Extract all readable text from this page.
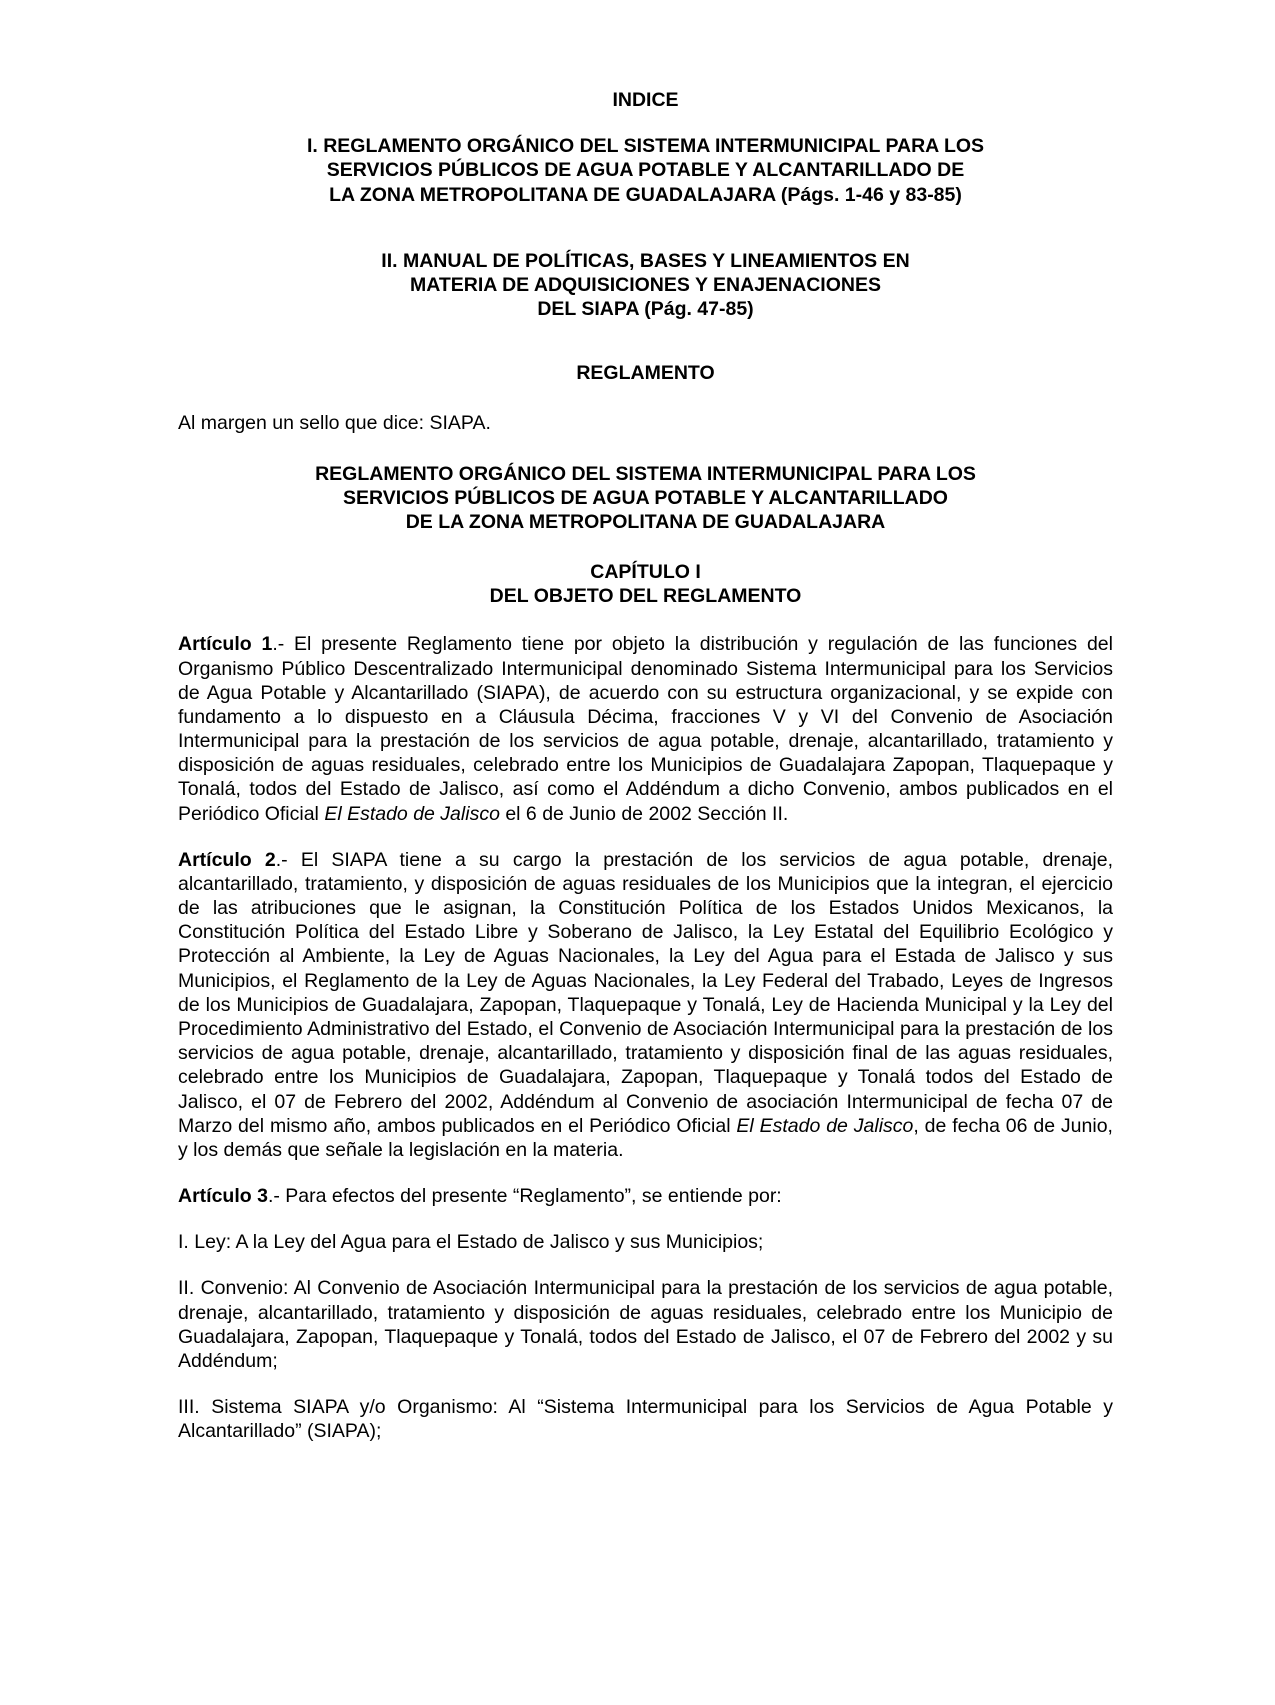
INDICE

I. REGLAMENTO ORGÁNICO DEL SISTEMA INTERMUNICIPAL PARA LOS

SERVICIOS PÚBLICOS DE AGUA POTABLE Y ALCANTARILLADO DE

LA ZONA METROPOLITANA DE GUADALAJARA (Págs. 1-46 y 83-85)

II. MANUAL DE POLÍTICAS, BASES Y LINEAMIENTOS EN

MATERIA DE ADQUISICIONES Y ENAJENACIONES

DEL SIAPA (Pág. 47-85)

REGLAMENTO

Al margen un sello que dice: SIAPA.

REGLAMENTO ORGÁNICO DEL SISTEMA INTERMUNICIPAL PARA LOS

SERVICIOS PÚBLICOS DE AGUA POTABLE Y ALCANTARILLADO

DE LA ZONA METROPOLITANA DE GUADALAJARA

CAPÍTULO I

DEL OBJETO DEL REGLAMENTO

Artículo 1.- El presente Reglamento tiene por objeto la distribución y regulación de las funciones del Organismo Público Descentralizado Intermunicipal denominado Sistema Intermunicipal para los Servicios de Agua Potable y Alcantarillado (SIAPA), de acuerdo con su estructura organizacional, y se expide con fundamento a lo dispuesto en a Cláusula Décima, fracciones V y VI del Convenio de Asociación Intermunicipal para la prestación de los servicios de agua potable, drenaje, alcantarillado, tratamiento y disposición de aguas residuales, celebrado entre los Municipios de Guadalajara Zapopan, Tlaquepaque y Tonalá, todos del Estado de Jalisco, así como el Addéndum a dicho Convenio, ambos publicados en el Periódico Oficial El Estado de Jalisco el 6 de Junio de 2002 Sección II.

Artículo 2.- El SIAPA tiene a su cargo la prestación de los servicios de agua potable, drenaje, alcantarillado, tratamiento, y disposición de aguas residuales de los Municipios que la integran, el ejercicio de las atribuciones que le asignan, la Constitución Política de los Estados Unidos Mexicanos, la Constitución Política del Estado Libre y Soberano de Jalisco, la Ley Estatal del Equilibrio Ecológico y Protección al Ambiente, la Ley de Aguas Nacionales, la Ley del Agua para el Estada de Jalisco y sus Municipios, el Reglamento de la Ley de Aguas Nacionales, la Ley Federal del Trabado, Leyes de Ingresos de los Municipios de Guadalajara, Zapopan, Tlaquepaque y Tonalá, Ley de Hacienda Municipal y la Ley del Procedimiento Administrativo del Estado, el Convenio de Asociación Intermunicipal para la prestación de los servicios de agua potable, drenaje, alcantarillado, tratamiento y disposición final de las aguas residuales, celebrado entre los Municipios de Guadalajara, Zapopan, Tlaquepaque y Tonalá todos del Estado de Jalisco, el 07 de Febrero del 2002, Addéndum al Convenio de asociación Intermunicipal de fecha 07 de Marzo del mismo año, ambos publicados en el Periódico Oficial El Estado de Jalisco, de fecha 06 de Junio, y los demás que señale la legislación en la materia.

Artículo 3.- Para efectos del presente “Reglamento”, se entiende por:

I. Ley: A la Ley del Agua para el Estado de Jalisco y sus Municipios;

II. Convenio: Al Convenio de Asociación Intermunicipal para la prestación de los servicios de agua potable, drenaje, alcantarillado, tratamiento y disposición de aguas residuales, celebrado entre los Municipio de Guadalajara, Zapopan, Tlaquepaque y Tonalá, todos del Estado de Jalisco, el 07 de Febrero del 2002 y su Addéndum;

III. Sistema SIAPA y/o Organismo: Al “Sistema Intermunicipal para los Servicios de Agua Potable y Alcantarillado” (SIAPA);
